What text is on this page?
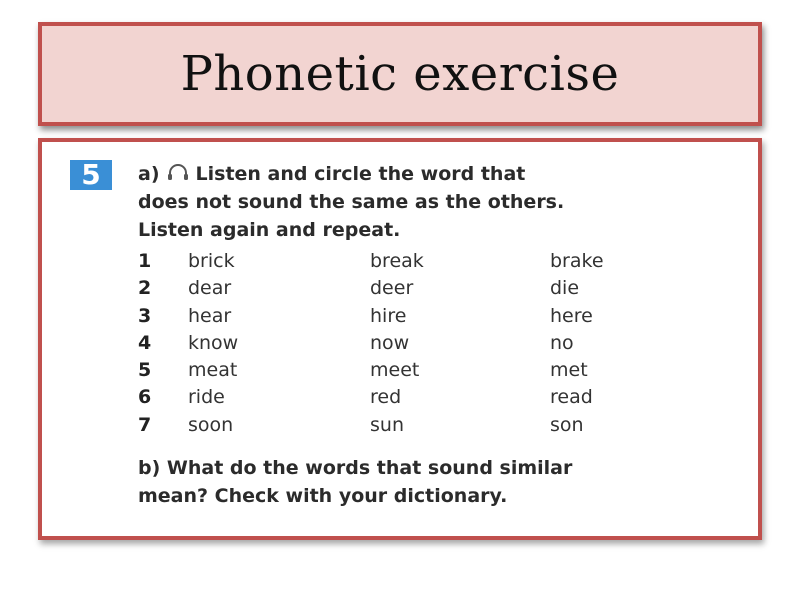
Phonetic exercise
5	a) Listen and circle the word that
does not sound the same as the others.
Listen again and repeat.
1 brick	break	brake
2 dear	deer	die
3 hear	hire	here
4 know	now	no
5 meat	meet	met
6 ride	red	read
7 soon	sun	son
b) What do the words that sound similar
mean? Check with your dictionary.
